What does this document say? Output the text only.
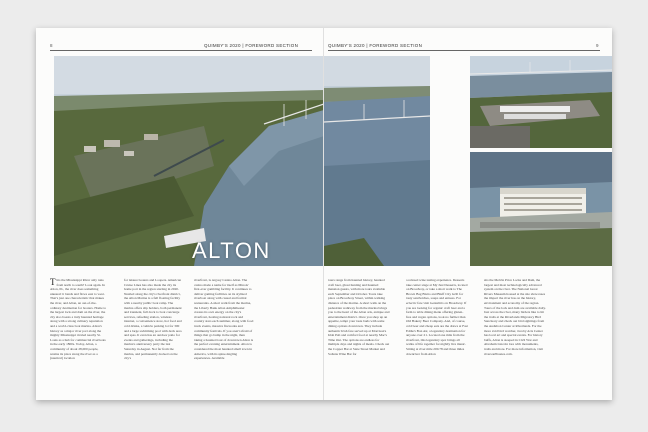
8	QUIMBY'S 2020 | FOREWORD SECTION
ALTON
This the Mississippi River only runs from north to south? Look again. In Alton, Ill., the river does something unusual: it bends and flows east to west. That's just one characteristic that makes the river, and Alton, an out-of-the-ordinary destination for boaters. Home to the largest lock and dam on the river, the city also boasts a truly haunted heritage along with a strong culinary reputation and a world-class boat marina. Alton's history as a major river port along the mighty Mississippi rivaled nearby St. Louis as a hub for commercial riverboats in the early 1800s. Today, Alton, a community of about 28,000 people, retains its place along the river as a (nautical) location
for leisure boaters and Loopers. American Cruise Lines has also made the city its home port in the region starting in 2020. Nestled along the city's riverfront district, the Alton Marina is a full floating facility with a nearby public boat ramp. The marina offers slip holders, both permanent and transient, full dock to boat concierge services, refueling station, wireless internet, a convenience store, hot food and cold drinks, a vehicle parking lot for 300 and a large swimming pool with deck area and spas. It even has an outdoor patio for events and gatherings, including the marina's anniversary party the last Saturday in August. Not far from the marina, and permanently docked on the city's
riverfront, is Argosy Casino Alton. The casino made a name for itself as Illinois' first-ever gambling facility. It continues to deliver gaming facilities on its stylized riverboat along with casual and formal restaurants. A short walk from the marina, the Liberty Bank Alton Amphitheater creates its own energy on the city's riverfront, hosting national rock and country stars each summer, along with food truck events, massive fireworks and community festivals. If you aren't afraid of things that go bump in the night, then taking a haunted tour of downtown Alton is the perfect evening entertainment. Alton is considered the most haunted small town in America, with its spine-tingling experiences. Available
QUIMBY'S 2020 | FOREWORD SECTION	9
tours range from haunted history, haunted craft beer, ghost hunting and haunted mansion guests, with more tours available each September and October. Tours take place on Broadway Street, within walking distance of the marina. A short walk on the pedestrian walkway from the marina brings you to the heart of the Alton arts, antique and entertainment district. Once you shop up an appetite, tempt your taste buds with some dining options downtown. They include authentic Irish fare served up at Morrison's Irish Pub and comfort food at nearby Mac's Time Out. The options are endless for multiple days and nights of meals. Check out the Copper Bar at State Street Market and Sollens Wine Bar for
a relaxed wine tasting experience. Desserts take center stage at My Just Desserts, located on Broadway, or take a short walk to The Brown Bag Bistro and Bluff City Grill for tasty sandwiches, soups and entrees. For eclectic fare visit Gentelin's on Broadway. If you are looking for organic craft beer and a farm to table dining menu offering gluten-free and vegan options, look no further than Old Bakery Beer Company. And, of course, cold beer and cheap eats are the draws at Fast Eddie's Bon Air, a legendary destination for anyone over 21. Located one mile from the riverfront, this legendary spot brings all walks of life together for nightly live music. Sitting at river mile 200.78 and three miles downriver from Alton
sits the Melvin Price Locks and Dam, the largest and most technologically advanced system on the river. The National Great Rivers Museum housed at the site showcases the impact the river has on the history, environment and economy of the region. Tours of the lock and dam are available daily. Just across the river, many birders like to hit the trails at the Riverlands Migratory Bird Sanctuary and check out bird sightings from the Audubon Center at Riverlands. For the more avid bird watcher, Jacoby Arts Center has local art and special events. For history buffs, Alton is steeped in Civil War and Abraham Lincoln lore with monuments, trails and more. For more information, visit riverson8routes.com.
